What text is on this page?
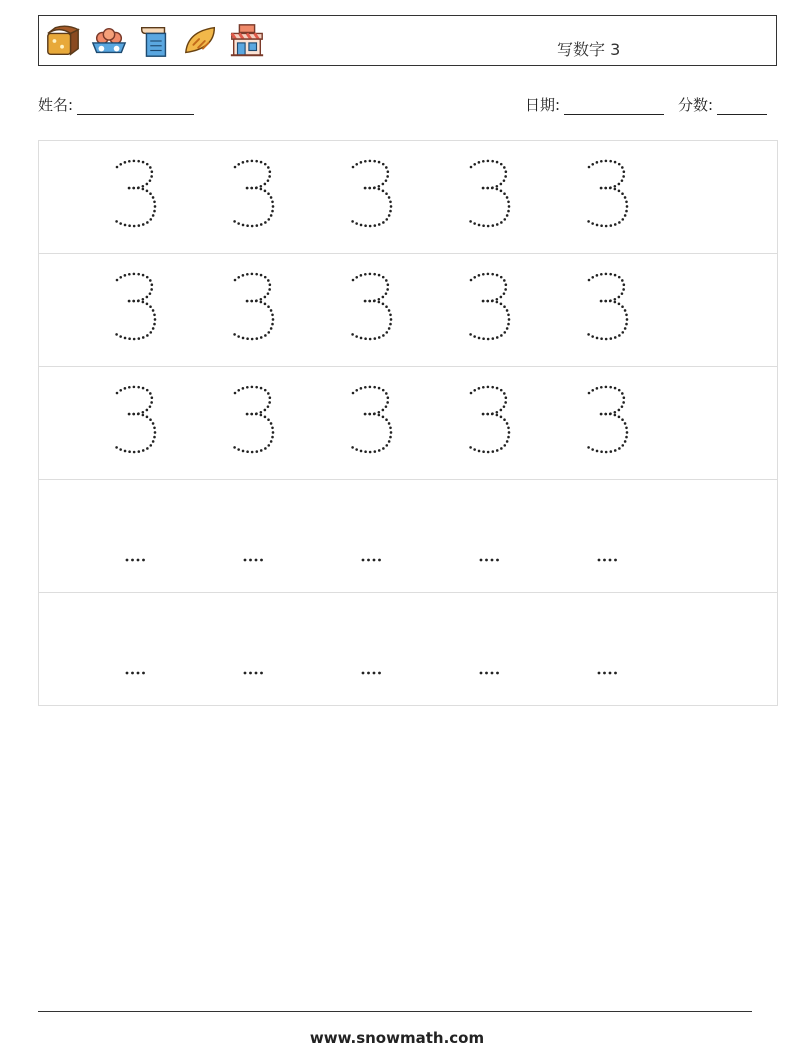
写数字 3
姓名:	日期:	分数:
www.snowmath.com
